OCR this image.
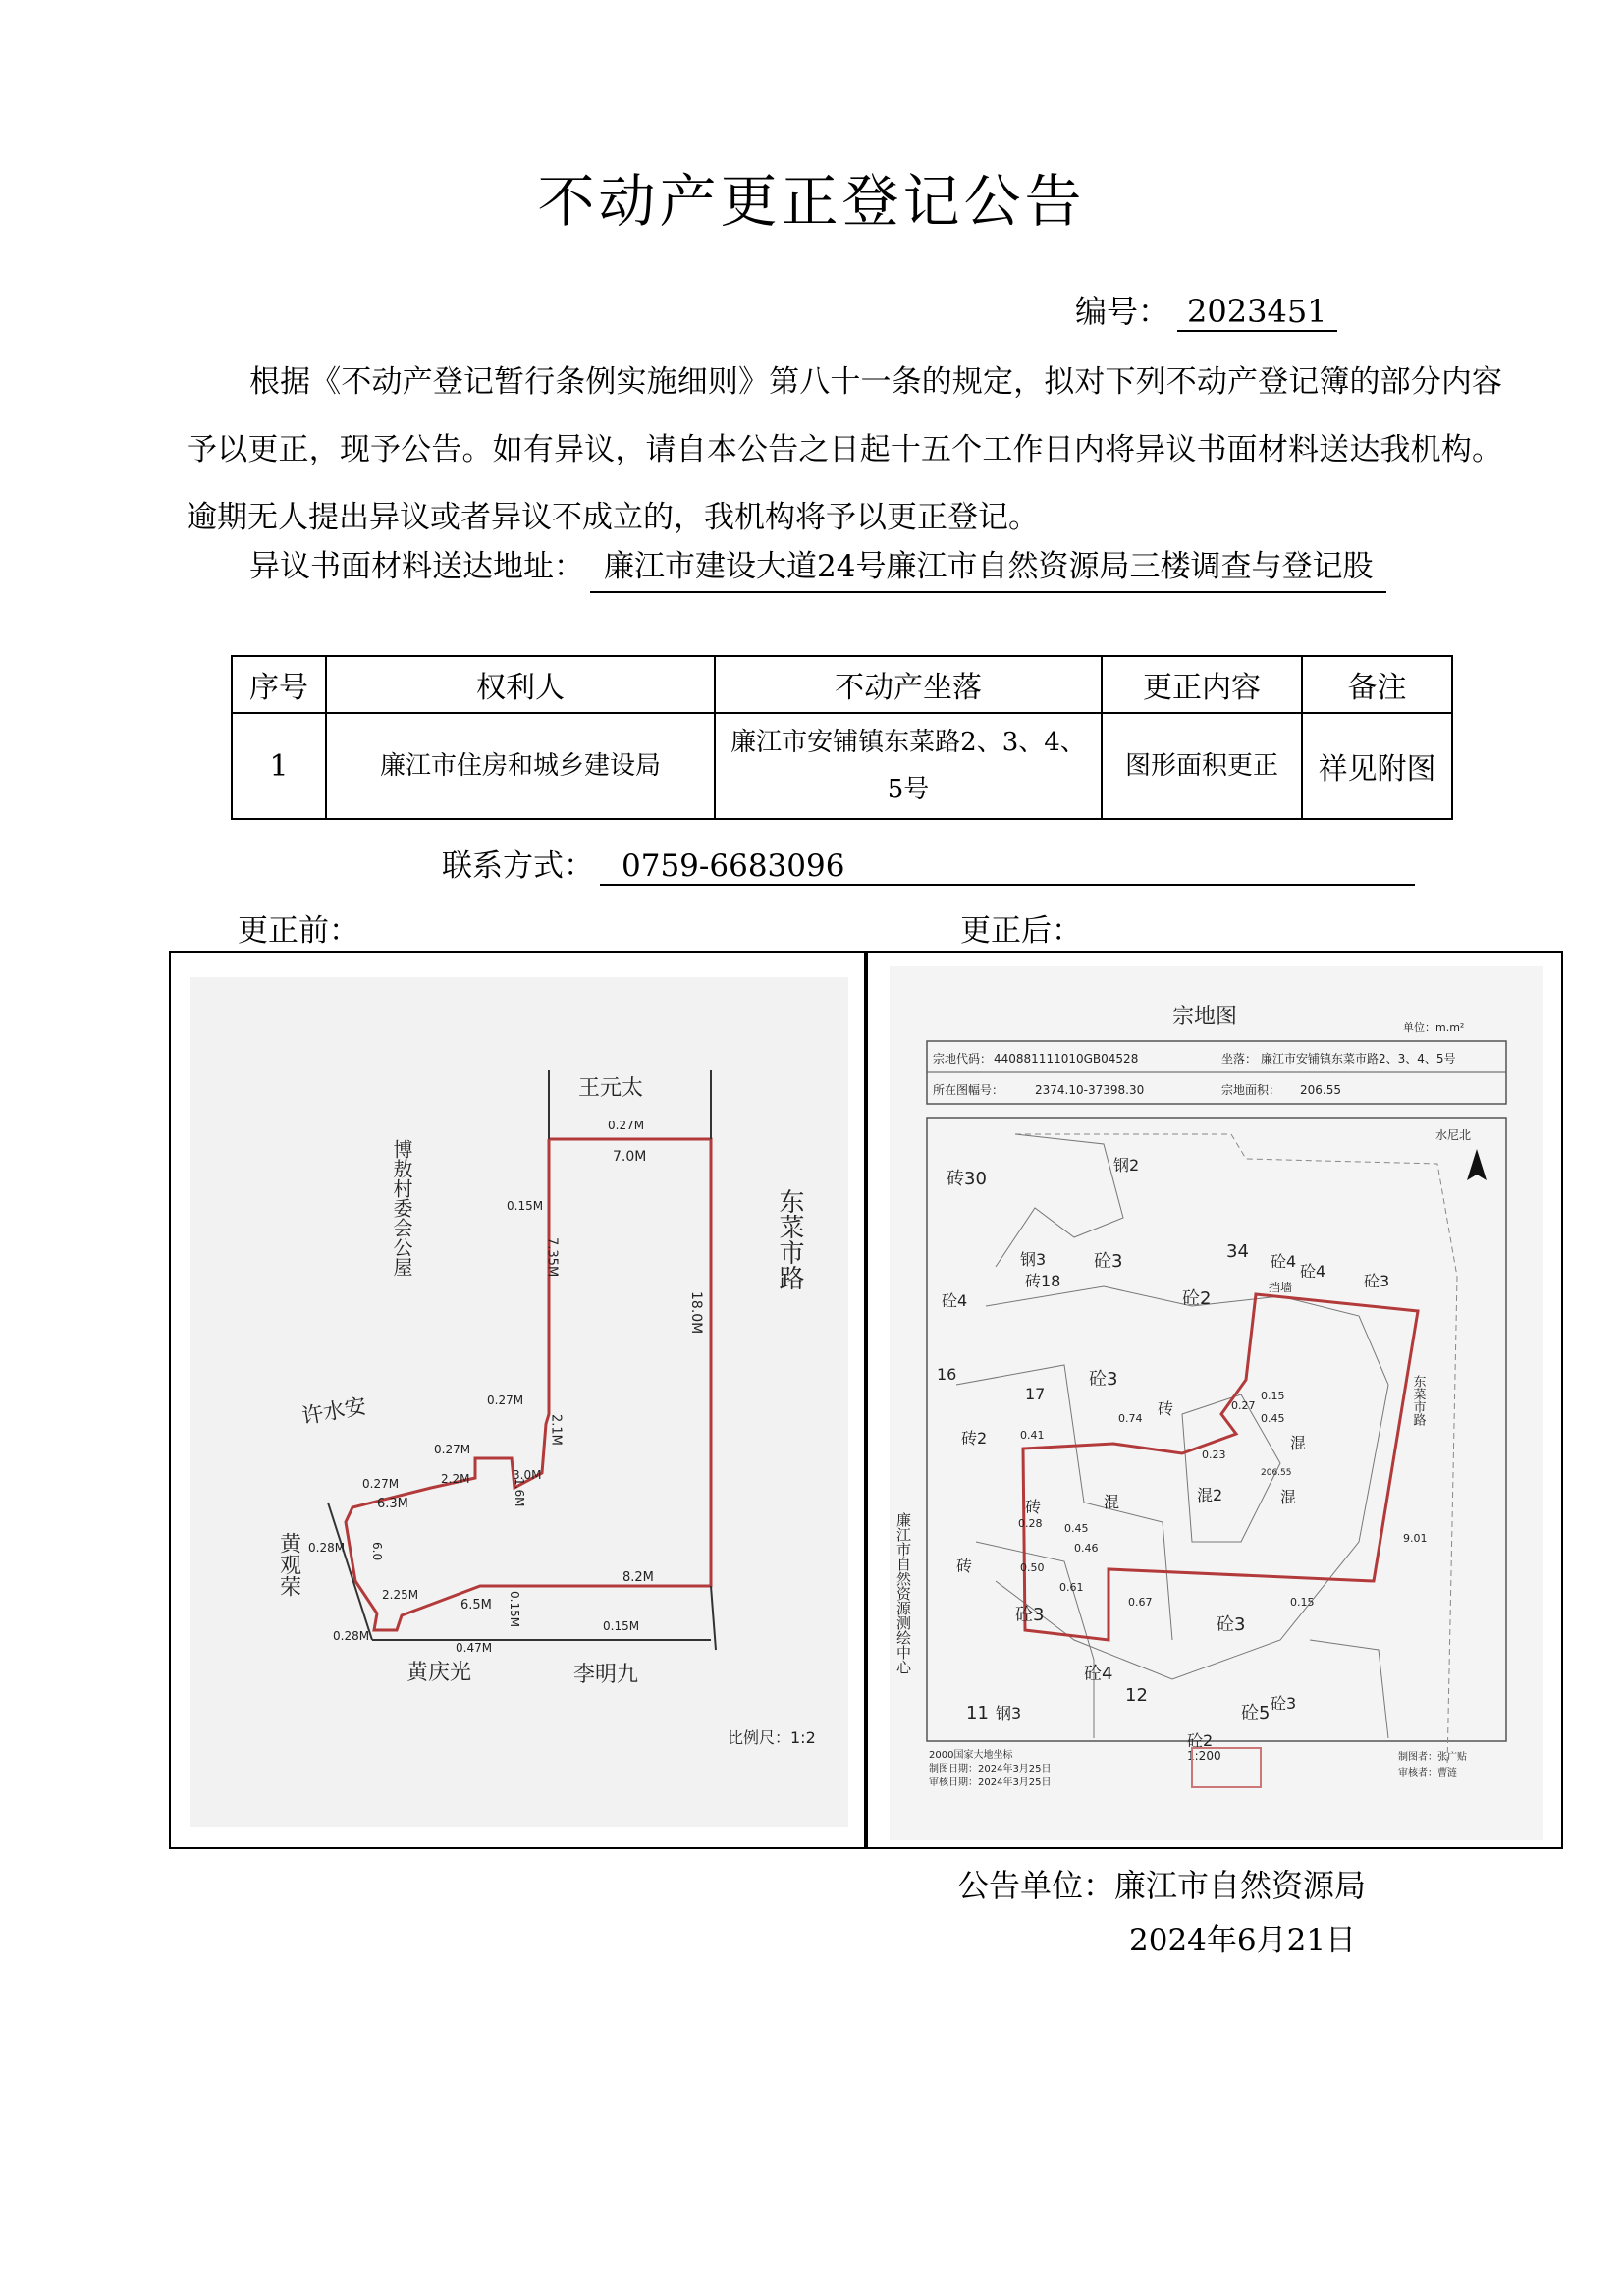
不动产更正登记公告
编号： 2023451
根据《不动产登记暂行条例实施细则》第八十一条的规定，拟对下列不动产登记簿的部分内容予以更正，现予公告。如有异议，请自本公告之日起十五个工作日内将异议书面材料送达我机构。逾期无人提出异议或者异议不成立的，我机构将予以更正登记。
异议书面材料送达地址： 廉江市建设大道24号廉江市自然资源局三楼调查与登记股
序号	权利人	不动产坐落	更正内容	备注
1	廉江市住房和城乡建设局	廉江市安铺镇东菜路2、3、4、5号	图形面积更正	祥见附图
联系方式： 0759-6683096
更正前：	更正后：
王元太
博敖村委会公屋
许水安
黄观荣
黄庆光	李明九
东菜市路
0.27M
7.0M
0.15M
7.35M
0.27M
2.1M
18.0M
0.27M
3.0M
1.6M
2.2M
0.27M
6.3M
0.28M 6.0
2.25M
0.28M
0.47M
6.5M 0.15M
8.2M
0.15M
比例尺：1:2
宗地图	单位：m.m²
宗地代码： 440881111010GB04528	坐落： 廉江市安铺镇东菜市路2、3、4、5号
所在图幅号：	2374.10-37398.30	宗地面积： 206.55
水尼 北
砖30
钢2
34
砼3	砼4
砼2
砼4
砖18
钢3
16	砼3
17
砖2
砖
砖	混	混2
混
混
砖
砼3	砼3
砼4
12
11 钢3
砼2
砼5 砼3
挡墙
砼4
砼3
0.15
0.45
0.23
206.55
0.74
0.41
0.28 0.45
0.46
0.50
0.61
0.67	0.15
9.01
0.27	东菜市路
廉江市自然资源测绘中心
2000国家大地坐标
制图日期：2024年3月25日
审核日期：2024年3月25日
1:200	制图者：张广贴
审核者：曹涟
公告单位：廉江市自然资源局
2024年6月21日
